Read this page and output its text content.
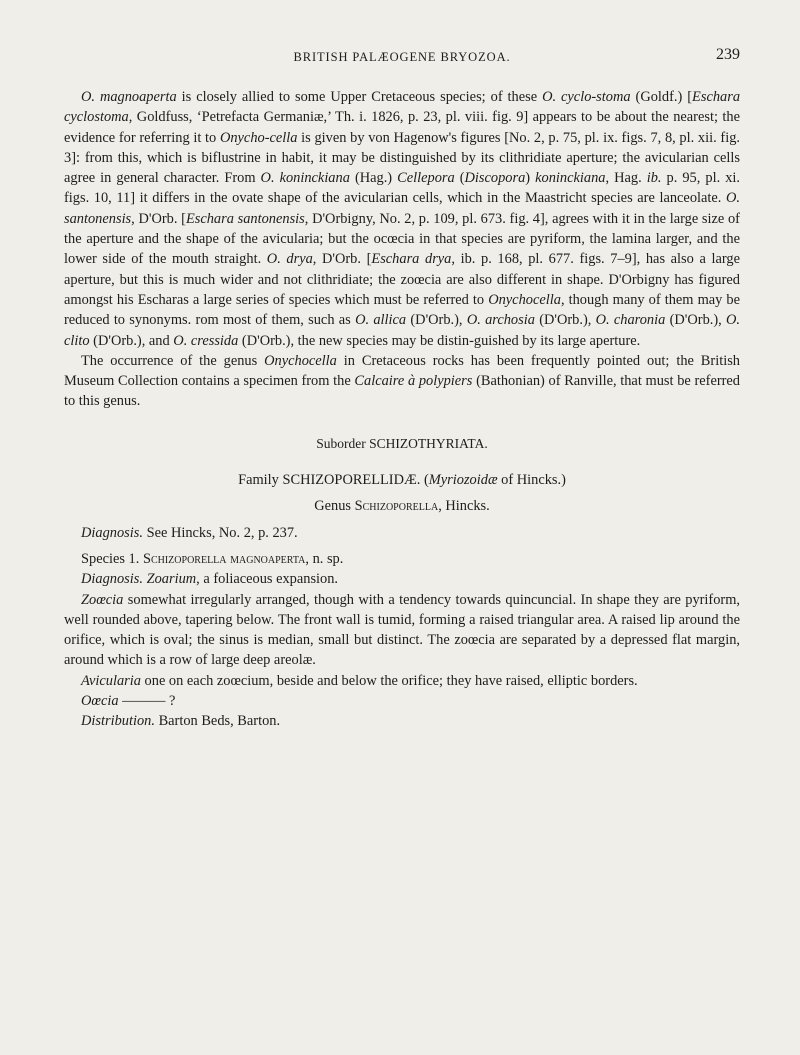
BRITISH PALÆOGENE BRYOZOA.	239

O. magnoaperta is closely allied to some Upper Cretaceous species; of these O. cyclo-stoma (Goldf.) [Eschara cyclostoma, Goldfuss, ‘Petrefacta Germaniæ,’ Th. i. 1826, p. 23, pl. viii. fig. 9] appears to be about the nearest; the evidence for referring it to Onycho-cella is given by von Hagenow's figures [No. 2, p. 75, pl. ix. figs. 7, 8, pl. xii. fig. 3]: from this, which is biflustrine in habit, it may be distinguished by its clithridiate aperture; the avicularian cells agree in general character. From O. koninckiana (Hag.) Cellepora (Discopora) koninckiana, Hag. ib. p. 95, pl. xi. figs. 10, 11] it differs in the ovate shape of the avicularian cells, which in the Maastricht species are lanceolate. O. santonensis, D'Orb. [Eschara santonensis, D'Orbigny, No. 2, p. 109, pl. 673. fig. 4], agrees with it in the large size of the aperture and the shape of the avicularia; but the ocœcia in that species are pyriform, the lamina larger, and the lower side of the mouth straight. O. drya, D'Orb. [Eschara drya, ib. p. 168, pl. 677. figs. 7–9], has also a large aperture, but this is much wider and not clithridiate; the zoœcia are also different in shape. D'Orbigny has figured amongst his Escharas a large series of species which must be referred to Onychocella, though many of them may be reduced to synonyms. rom most of them, such as O. allica (D'Orb.), O. archosia (D'Orb.), O. charonia (D'Orb.), O. clito (D'Orb.), and O. cressida (D'Orb.), the new species may be distin-guished by its large aperture.

The occurrence of the genus Onychocella in Cretaceous rocks has been frequently pointed out; the British Museum Collection contains a specimen from the Calcaire à polypiers (Bathonian) of Ranville, that must be referred to this genus.

Suborder SCHIZOTHYRIATA.

Family SCHIZOPORELLIDÆ. (Myriozoidæ of Hincks.)

Genus Schizoporella, Hincks.

Diagnosis. See Hincks, No. 2, p. 237.

Species 1. Schizoporella magnoaperta, n. sp.

Diagnosis. Zoarium, a foliaceous expansion.

Zoœcia somewhat irregularly arranged, though with a tendency towards quincuncial. In shape they are pyriform, well rounded above, tapering below. The front wall is tumid, forming a raised triangular area. A raised lip around the orifice, which is oval; the sinus is median, small but distinct. The zoœcia are separated by a depressed flat margin, around which is a row of large deep areolæ.

Avicularia one on each zoœcium, beside and below the orifice; they have raised, elliptic borders.

Oœcia ——— ?

Distribution. Barton Beds, Barton.
